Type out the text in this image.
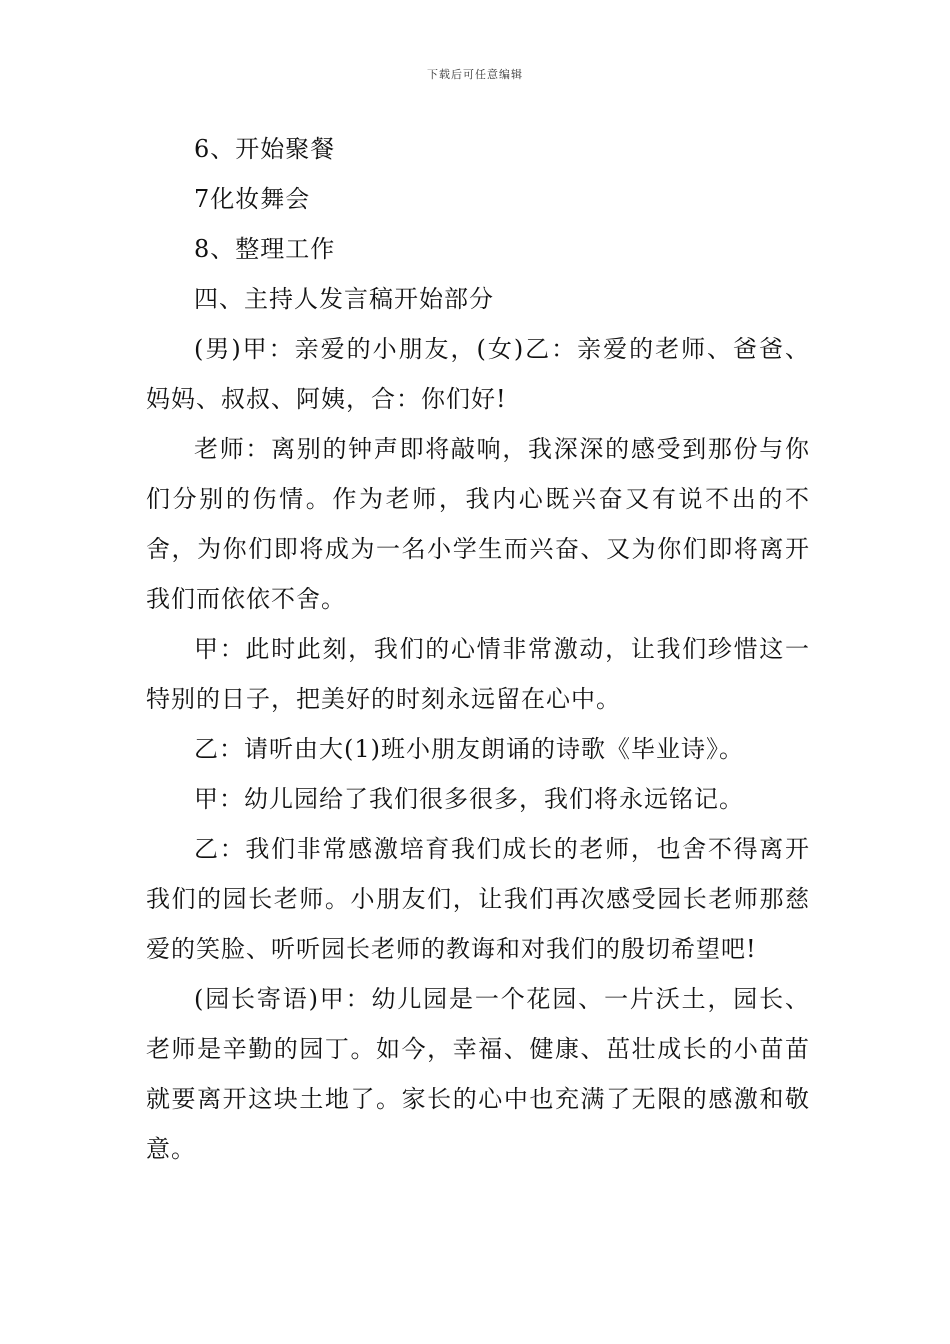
下载后可任意编辑

6、开始聚餐

7化妆舞会

8、整理工作

四、主持人发言稿开始部分

(男)甲：亲爱的小朋友，(女)乙：亲爱的老师、爸爸、妈妈、叔叔、阿姨，合：你们好!

老师：离别的钟声即将敲响，我深深的感受到那份与你们分别的伤情。作为老师，我内心既兴奋又有说不出的不舍，为你们即将成为一名小学生而兴奋、又为你们即将离开我们而依依不舍。

甲：此时此刻，我们的心情非常激动，让我们珍惜这一特别的日子，把美好的时刻永远留在心中。

乙：请听由大(1)班小朋友朗诵的诗歌《毕业诗》。

甲：幼儿园给了我们很多很多，我们将永远铭记。

乙：我们非常感激培育我们成长的老师，也舍不得离开我们的园长老师。小朋友们，让我们再次感受园长老师那慈爱的笑脸、听听园长老师的教诲和对我们的殷切希望吧!

(园长寄语)甲：幼儿园是一个花园、一片沃土，园长、老师是辛勤的园丁。如今，幸福、健康、茁壮成长的小苗苗就要离开这块土地了。家长的心中也充满了无限的感激和敬意。
